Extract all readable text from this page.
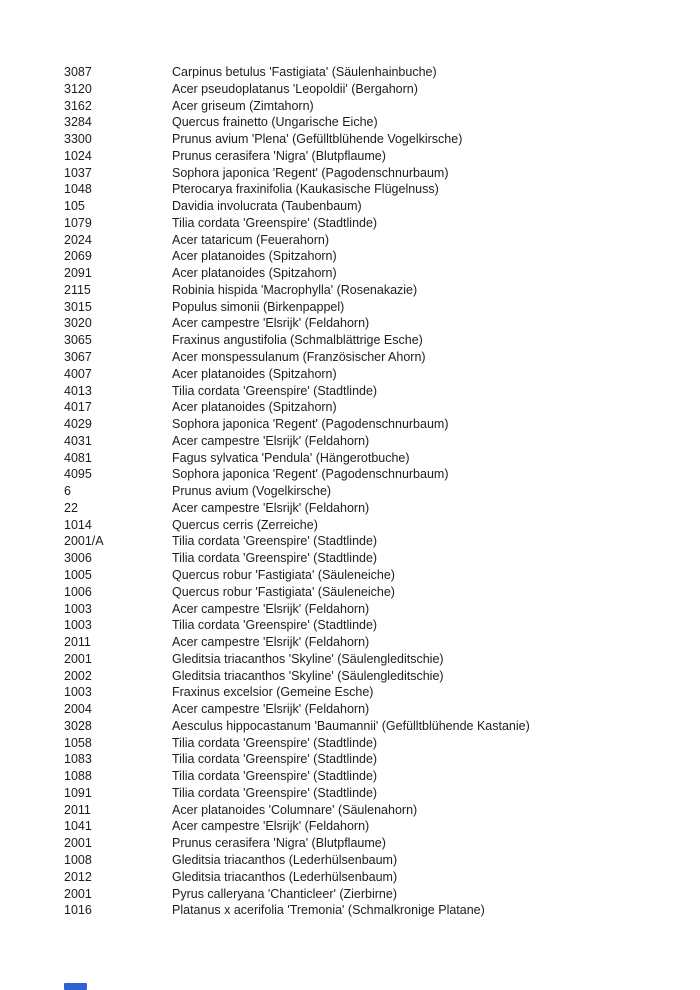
3087	Carpinus betulus 'Fastigiata' (Säulenhainbuche)
3120	Acer pseudoplatanus 'Leopoldii' (Bergahorn)
3162	Acer griseum (Zimtahorn)
3284	Quercus frainetto (Ungarische Eiche)
3300	Prunus avium 'Plena' (Gefülltblühende Vogelkirsche)
1024	Prunus cerasifera 'Nigra' (Blutpflaume)
1037	Sophora japonica 'Regent' (Pagodenschnurbaum)
1048	Pterocarya fraxinifolia (Kaukasische Flügelnuss)
105	Davidia involucrata (Taubenbaum)
1079	Tilia cordata 'Greenspire' (Stadtlinde)
2024	Acer tataricum (Feuerahorn)
2069	Acer platanoides (Spitzahorn)
2091	Acer platanoides (Spitzahorn)
2115	Robinia hispida 'Macrophylla' (Rosenakazie)
3015	Populus simonii (Birkenpappel)
3020	Acer campestre 'Elsrijk' (Feldahorn)
3065	Fraxinus angustifolia (Schmalblättrige Esche)
3067	Acer monspessulanum (Französischer Ahorn)
4007	Acer platanoides (Spitzahorn)
4013	Tilia cordata 'Greenspire' (Stadtlinde)
4017	Acer platanoides (Spitzahorn)
4029	Sophora japonica 'Regent' (Pagodenschnurbaum)
4031	Acer campestre 'Elsrijk' (Feldahorn)
4081	Fagus sylvatica 'Pendula' (Hängerotbuche)
4095	Sophora japonica 'Regent' (Pagodenschnurbaum)
6	Prunus avium (Vogelkirsche)
22	Acer campestre 'Elsrijk' (Feldahorn)
1014	Quercus cerris (Zerreiche)
2001/A	Tilia cordata 'Greenspire' (Stadtlinde)
3006	Tilia cordata 'Greenspire' (Stadtlinde)
1005	Quercus robur 'Fastigiata' (Säuleneiche)
1006	Quercus robur 'Fastigiata' (Säuleneiche)
1003	Acer campestre 'Elsrijk' (Feldahorn)
1003	Tilia cordata 'Greenspire' (Stadtlinde)
2011	Acer campestre 'Elsrijk' (Feldahorn)
2001	Gleditsia triacanthos 'Skyline' (Säulengleditschie)
2002	Gleditsia triacanthos 'Skyline' (Säulengleditschie)
1003	Fraxinus excelsior (Gemeine Esche)
2004	Acer campestre 'Elsrijk' (Feldahorn)
3028	Aesculus hippocastanum 'Baumannii' (Gefülltblühende Kastanie)
1058	Tilia cordata 'Greenspire' (Stadtlinde)
1083	Tilia cordata 'Greenspire' (Stadtlinde)
1088	Tilia cordata 'Greenspire' (Stadtlinde)
1091	Tilia cordata 'Greenspire' (Stadtlinde)
2011	Acer platanoides 'Columnare' (Säulenahorn)
1041	Acer campestre 'Elsrijk' (Feldahorn)
2001	Prunus cerasifera 'Nigra' (Blutpflaume)
1008	Gleditsia triacanthos (Lederhülsenbaum)
2012	Gleditsia triacanthos (Lederhülsenbaum)
2001	Pyrus calleryana 'Chanticleer' (Zierbirne)
1016	Platanus x acerifolia 'Tremonia' (Schmalkronige Platane)
